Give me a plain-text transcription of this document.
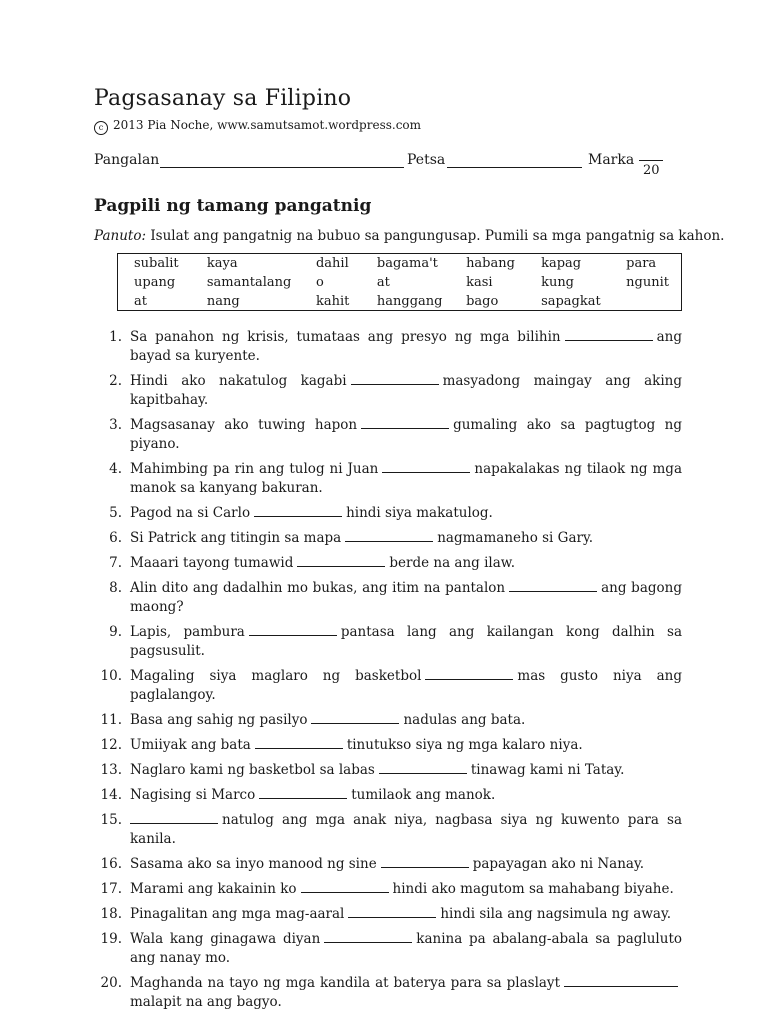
Pagsasanay sa Filipino
c 2013 Pia Noche, www.samutsamot.wordpress.com
Pangalan	Petsa	Marka
20
Pagpili ng tamang pangatnig
Panuto: Isulat ang pangatnig na bubuo sa pangungusap. Pumili sa mga pangatnig sa kahon.
subalit	kaya	dahil	bagama't	habang	kapag	para
upang	samantalang	o	at	kasi	kung	ngunit
at	nang	kahit	hanggang	bago	sapagkat	
1. Sa panahon ng krisis, tumataas ang presyo ng mga bilihin	ang bayad sa kuryente.
2. Hindi ako nakatulog kagabi	masyadong maingay ang aking kapitbahay.
3. Magsasanay ako tuwing hapon	gumaling ako sa pagtugtog ng piyano.
4. Mahimbing pa rin ang tulog ni Juan	napakalakas ng tilaok ng mga manok sa kanyang bakuran.
5. Pagod na si Carlo	hindi siya makatulog.
6. Si Patrick ang titingin sa mapa	nagmamaneho si Gary.
7. Maaari tayong tumawid	berde na ang ilaw.
8. Alin dito ang dadalhin mo bukas, ang itim na pantalon	ang bagong maong?
9. Lapis, pambura	pantasa lang ang kailangan kong dalhin sa pagsusulit.
10. Magaling siya maglaro ng basketbol	mas gusto niya ang paglalangoy.
11. Basa ang sahig ng pasilyo	nadulas ang bata.
12. Umiiyak ang bata	tinutukso siya ng mga kalaro niya.
13. Naglaro kami ng basketbol sa labas	tinawag kami ni Tatay.
14. Nagising si Marco	tumilaok ang manok.
15.	natulog ang mga anak niya, nagbasa siya ng kuwento para sa kanila.
16. Sasama ako sa inyo manood ng sine	papayagan ako ni Nanay.
17. Marami ang kakainin ko	hindi ako magutom sa mahabang biyahe.
18. Pinagalitan ang mga mag-aaral	hindi sila ang nagsimula ng away.
19. Wala kang ginagawa diyan	kanina pa abalang-abala sa pagluluto ang nanay mo.
20. Maghanda na tayo ng mga kandila at baterya para sa plaslaytmalapit na ang bagyo.
